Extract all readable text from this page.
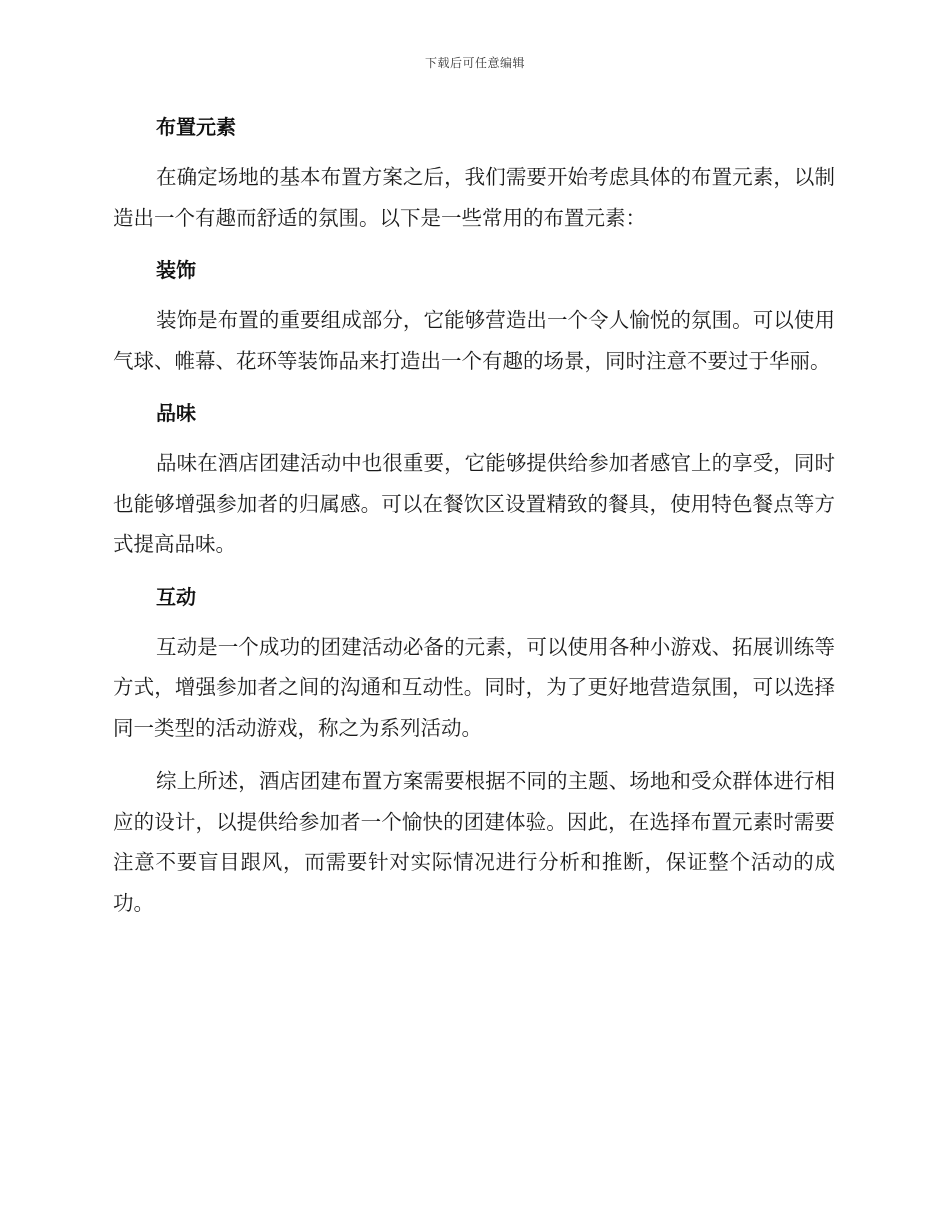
下载后可任意编辑
布置元素

在确定场地的基本布置方案之后，我们需要开始考虑具体的布置元素，以制造出一个有趣而舒适的氛围。以下是一些常用的布置元素：

装饰

装饰是布置的重要组成部分，它能够营造出一个令人愉悦的氛围。可以使用气球、帷幕、花环等装饰品来打造出一个有趣的场景，同时注意不要过于华丽。

品味

品味在酒店团建活动中也很重要，它能够提供给参加者感官上的享受，同时也能够增强参加者的归属感。可以在餐饮区设置精致的餐具，使用特色餐点等方式提高品味。

互动

互动是一个成功的团建活动必备的元素，可以使用各种小游戏、拓展训练等方式，增强参加者之间的沟通和互动性。同时，为了更好地营造氛围，可以选择同一类型的活动游戏，称之为系列活动。

综上所述，酒店团建布置方案需要根据不同的主题、场地和受众群体进行相应的设计，以提供给参加者一个愉快的团建体验。因此，在选择布置元素时需要注意不要盲目跟风，而需要针对实际情况进行分析和推断，保证整个活动的成功。
